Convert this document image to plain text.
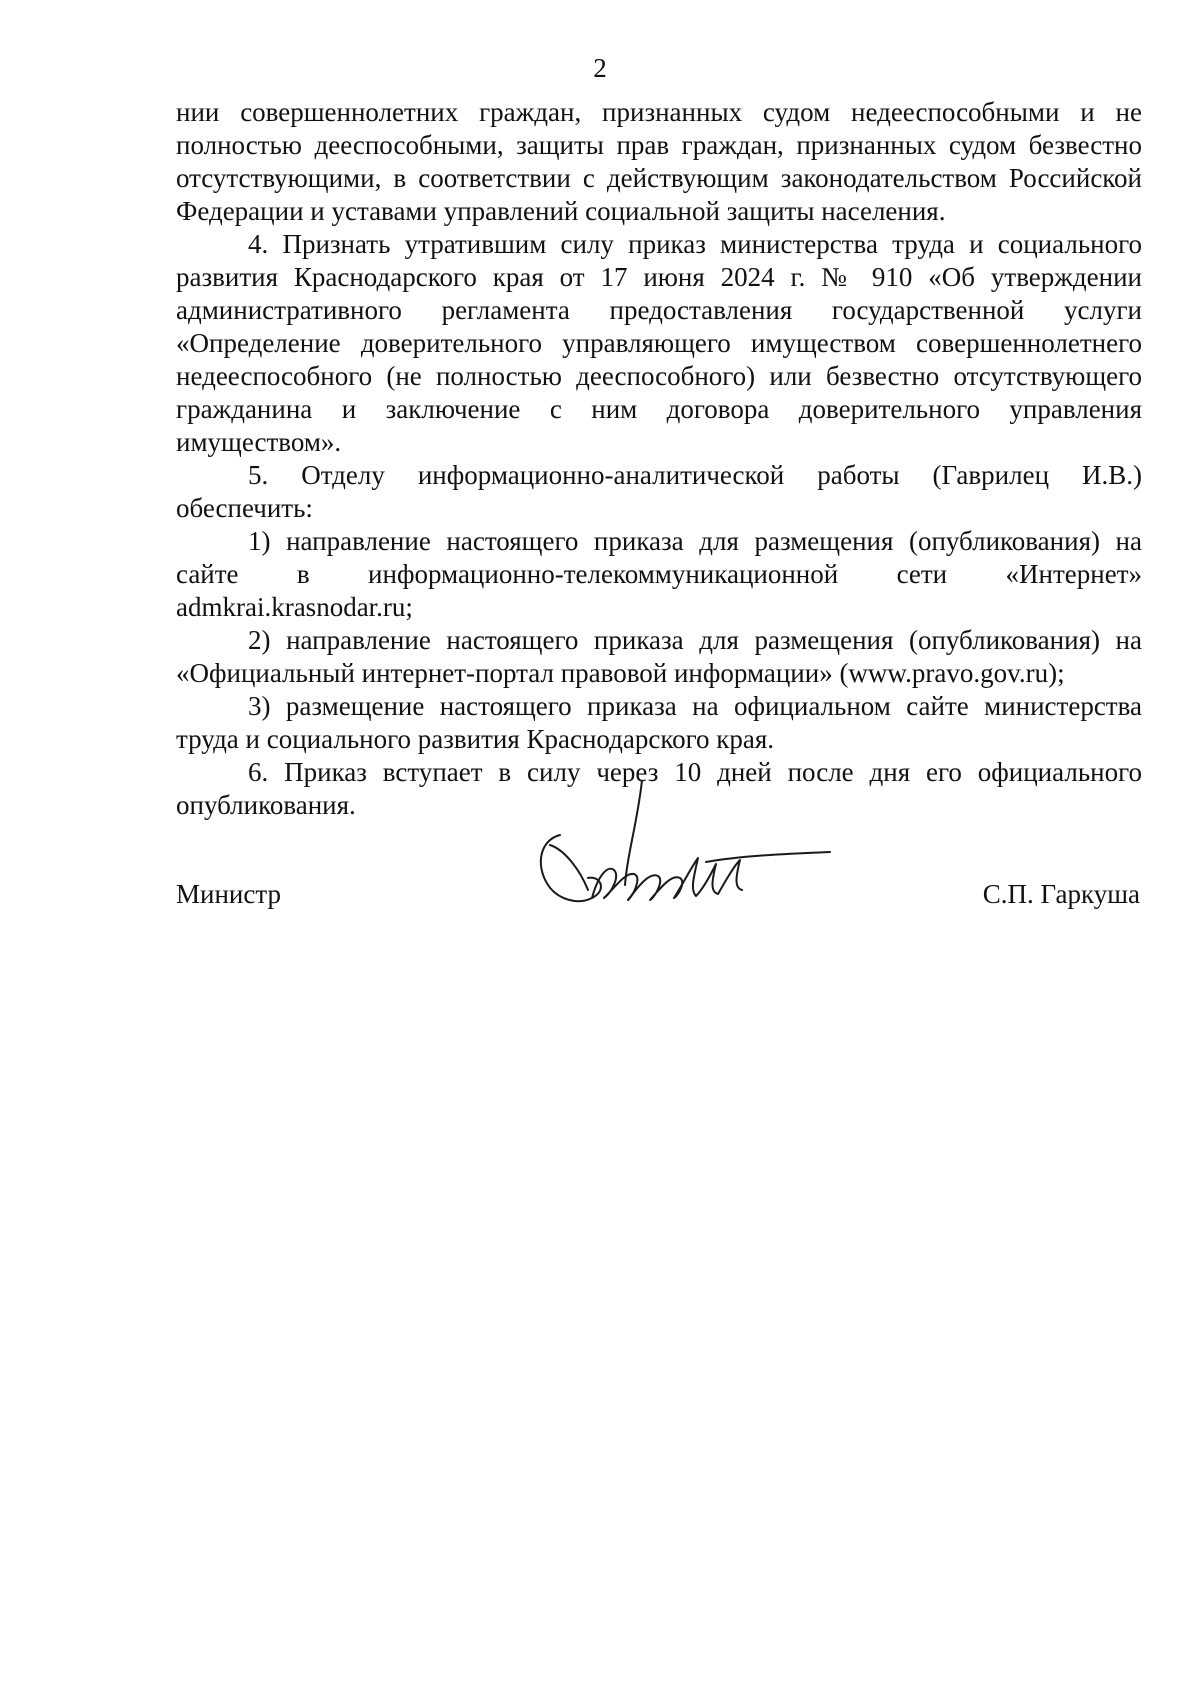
2

нии совершеннолетних граждан, признанных судом недееспособными и не полностью дееспособными, защиты прав граждан, признанных судом безвестно отсутствующими, в соответствии с действующим законодательством Российской Федерации и уставами управлений социальной защиты населения.

4. Признать утратившим силу приказ министерства труда и социального развития Краснодарского края от 17 июня 2024 г. № 910 «Об утверждении административного регламента предоставления государственной услуги «Определение доверительного управляющего имуществом совершеннолетнего недееспособного (не полностью дееспособного) или безвестно отсутствующего гражданина и заключение с ним договора доверительного управления имуществом».

5. Отделу информационно-аналитической работы (Гаврилец И.В.) обеспечить:

1) направление настоящего приказа для размещения (опубликования) на сайте в информационно-телекоммуникационной сети «Интернет» admkrai.krasnodar.ru;

2) направление настоящего приказа для размещения (опубликования) на «Официальный интернет-портал правовой информации» (www.pravo.gov.ru);

3) размещение настоящего приказа на официальном сайте министерства труда и социального развития Краснодарского края.

6. Приказ вступает в силу через 10 дней после дня его официального опубликования.

Министр	С.П. Гаркуша
